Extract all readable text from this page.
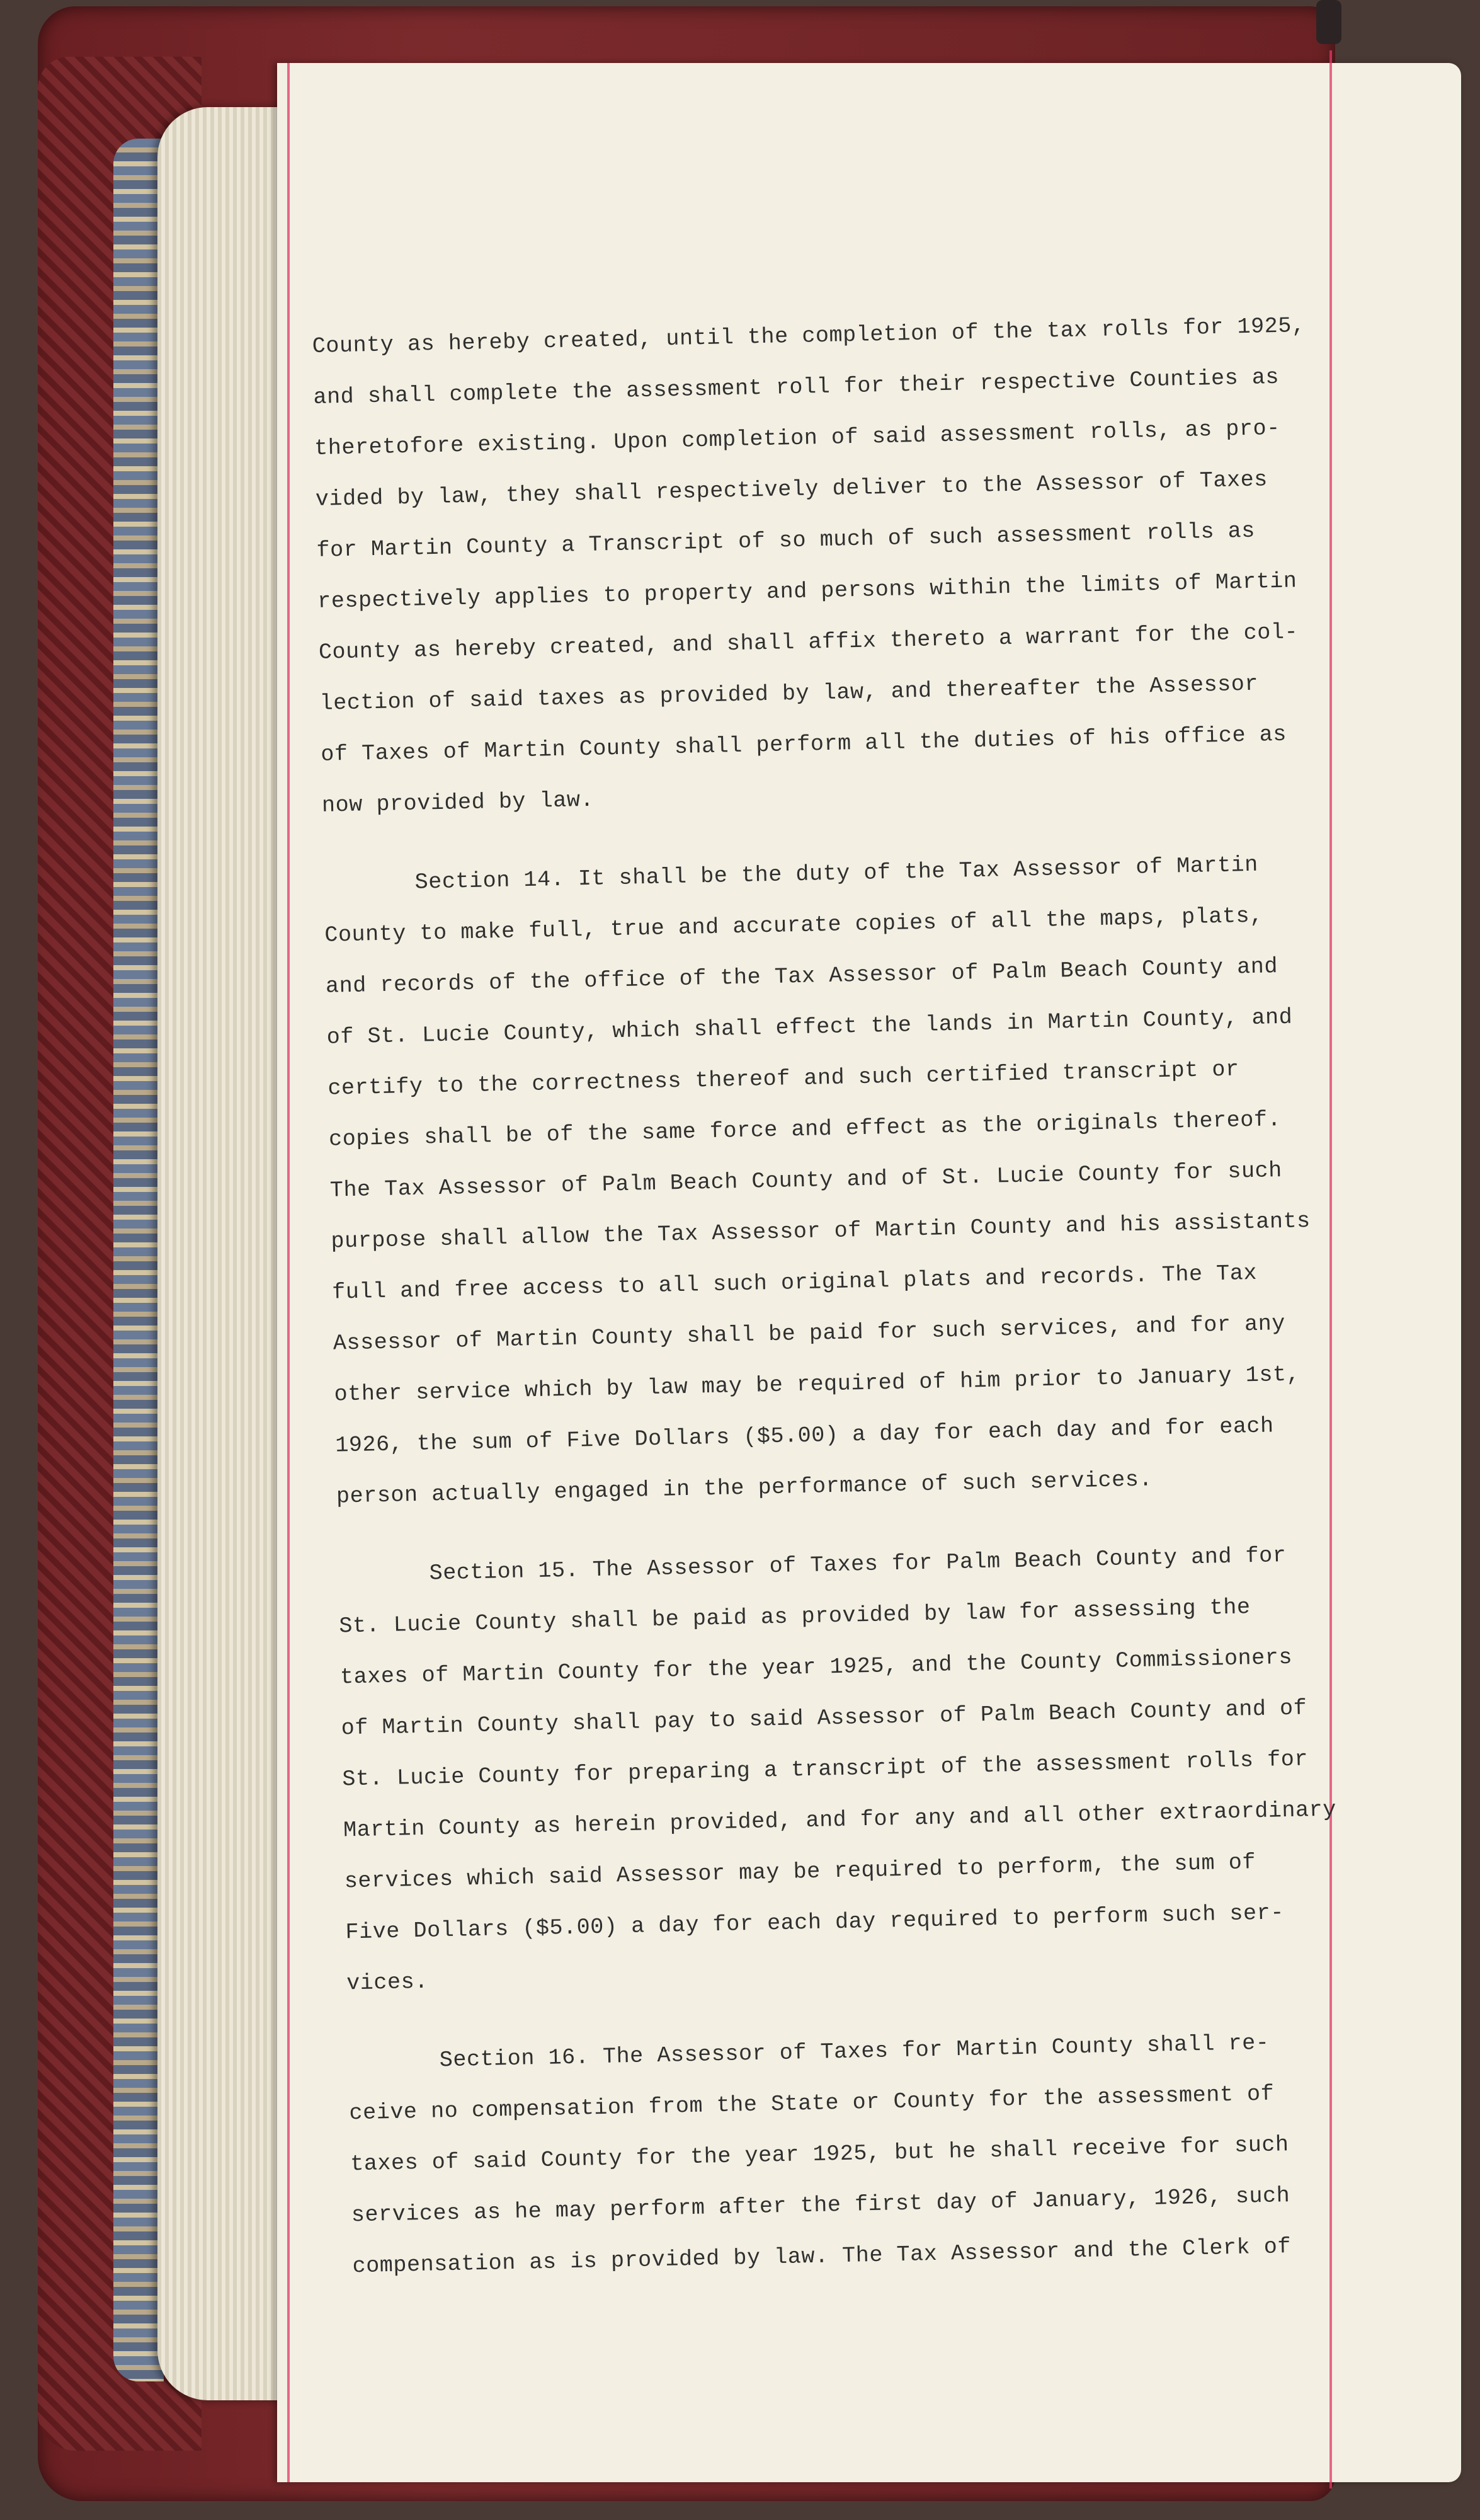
County as hereby created, until the completion of the tax rolls for 1925,
and shall complete the assessment roll for their respective Counties as
theretofore existing. Upon completion of said assessment rolls, as pro-
vided by law, they shall respectively deliver to the Assessor of Taxes
for Martin County a Transcript of so much of such assessment rolls as
respectively applies to property and persons within the limits of Martin
County as hereby created, and shall affix thereto a warrant for the col-
lection of said taxes as provided by law, and thereafter the Assessor
of Taxes of Martin County shall perform all the duties of his office as
now provided by law.
Section 14. It shall be the duty of the Tax Assessor of Martin
County to make full, true and accurate copies of all the maps, plats,
and records of the office of the Tax Assessor of Palm Beach County and
of St. Lucie County, which shall effect the lands in Martin County, and
certify to the correctness thereof and such certified transcript or
copies shall be of the same force and effect as the originals thereof.
The Tax Assessor of Palm Beach County and of St. Lucie County for such
purpose shall allow the Tax Assessor of Martin County and his assistants
full and free access to all such original plats and records. The Tax
Assessor of Martin County shall be paid for such services, and for any
other service which by law may be required of him prior to January 1st,
1926, the sum of Five Dollars ($5.00) a day for each day and for each
person actually engaged in the performance of such services.
Section 15. The Assessor of Taxes for Palm Beach County and for
St. Lucie County shall be paid as provided by law for assessing the
taxes of Martin County for the year 1925, and the County Commissioners
of Martin County shall pay to said Assessor of Palm Beach County and of
St. Lucie County for preparing a transcript of the assessment rolls for
Martin County as herein provided, and for any and all other extraordinary
services which said Assessor may be required to perform, the sum of
Five Dollars ($5.00) a day for each day required to perform such ser-
vices.
Section 16. The Assessor of Taxes for Martin County shall re-
ceive no compensation from the State or County for the assessment of
taxes of said County for the year 1925, but he shall receive for such
services as he may perform after the first day of January, 1926, such
compensation as is provided by law. The Tax Assessor and the Clerk of
